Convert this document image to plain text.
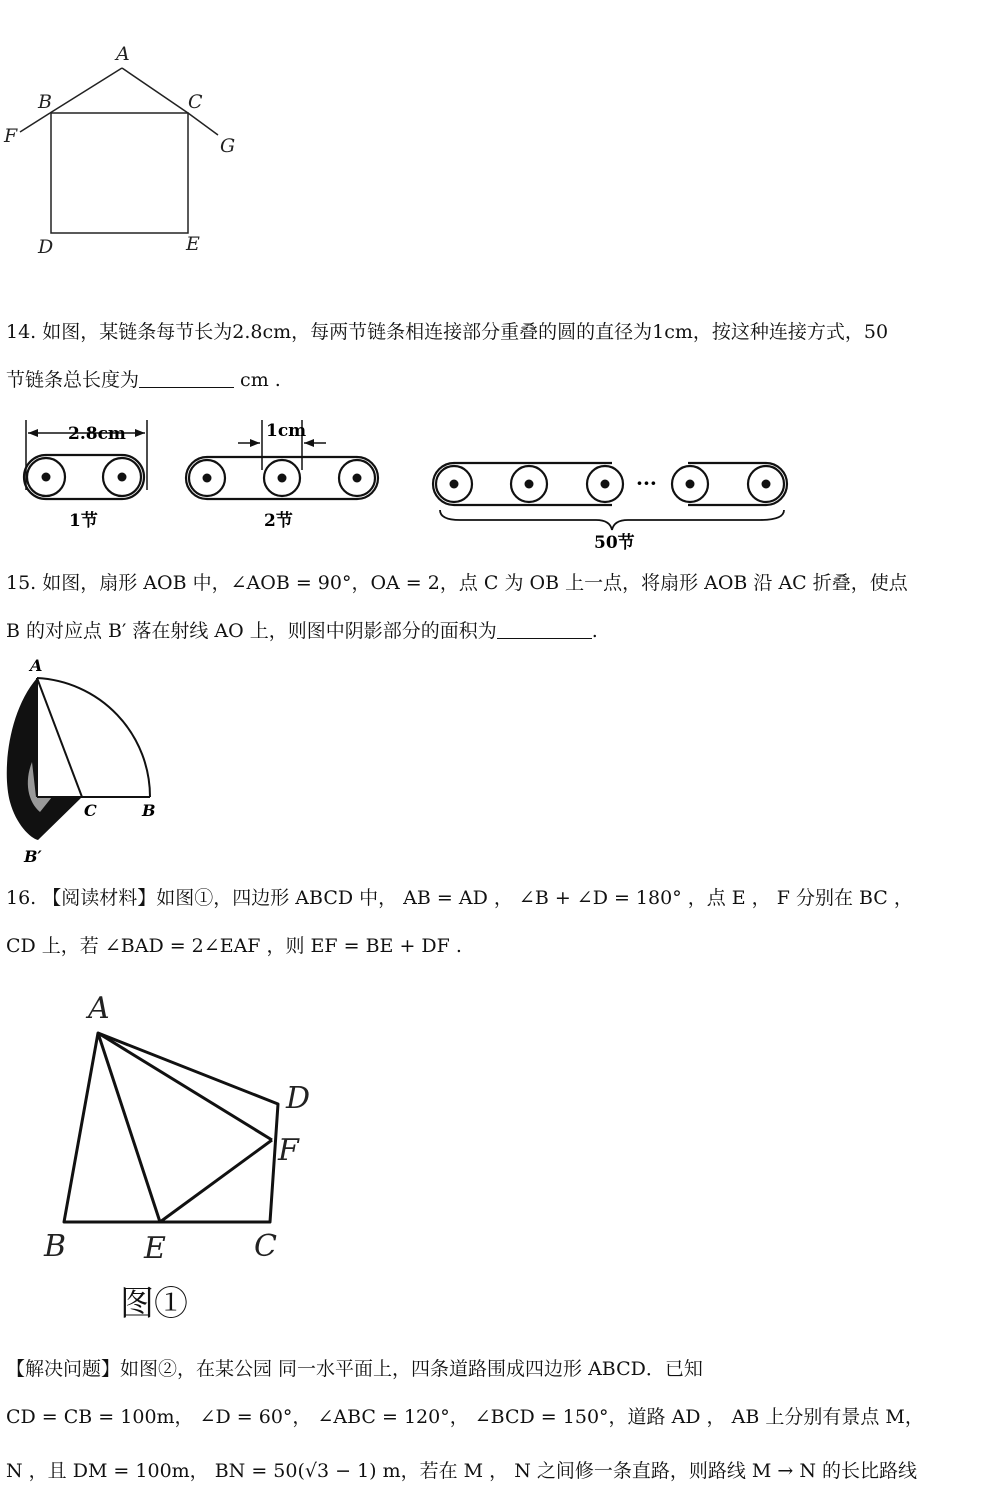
A
B	C
F	G
D	E
14. 如图，某链条每节长为2.8cm，每两节链条相连接部分重叠的圆的直径为1cm，按这种连接方式，50
节链条总长度为	cm .
2.8cm	1cm
1节	2节
···
50节
15. 如图，扇形 AOB 中，∠AOB = 90°，OA = 2，点 C 为 OB 上一点，将扇形 AOB 沿 AC 折叠，使点
B 的对应点 B′ 落在射线 AO 上，则图中阴影部分的面积为	.
A
O
C	B
B′
16. 【阅读材料】如图①，四边形 ABCD 中， AB = AD ， ∠B + ∠D = 180° ，点 E ， F 分别在 BC ，
CD 上，若 ∠BAD = 2∠EAF ，则 EF = BE + DF .
A
D
F
B	E	C
图①
【解决问题】如图②，在某公园 同一水平面上，四条道路围成四边形 ABCD．已知
CD = CB = 100m， ∠D = 60°， ∠ABC = 120°， ∠BCD = 150°，道路 AD ， AB 上分别有景点 M，
N ，且 DM = 100m， BN = 50(√3 − 1) m，若在 M ， N 之间修一条直路，则路线 M → N 的长比路线
